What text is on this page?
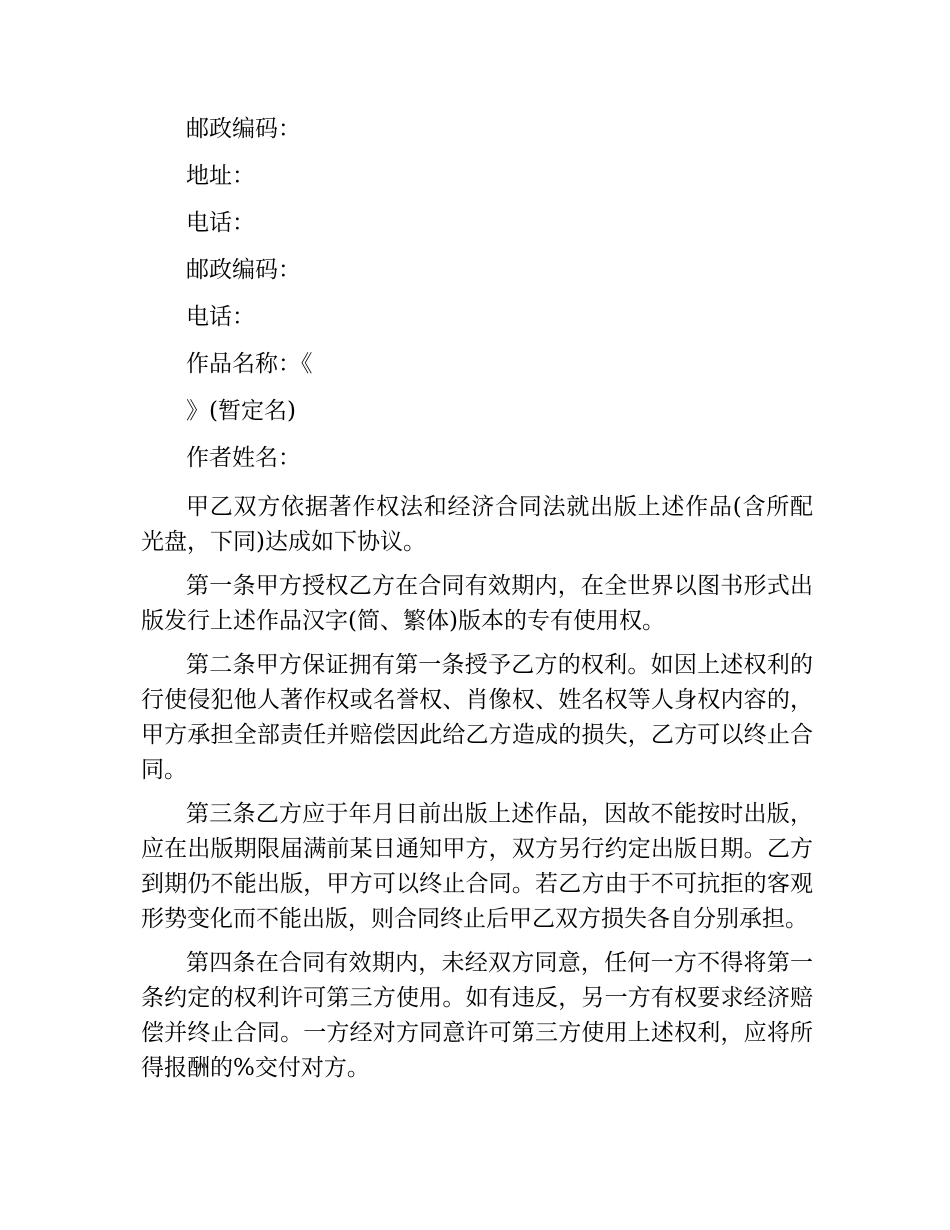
邮政编码：
地址：
电话：
邮政编码：
电话：
作品名称：《
》(暂定名)
作者姓名：

甲乙双方依据著作权法和经济合同法就出版上述作品(含所配光盘，下同)达成如下协议。

第一条甲方授权乙方在合同有效期内，在全世界以图书形式出版发行上述作品汉字(简、繁体)版本的专有使用权。

第二条甲方保证拥有第一条授予乙方的权利。如因上述权利的行使侵犯他人著作权或名誉权、肖像权、姓名权等人身权内容的，甲方承担全部责任并赔偿因此给乙方造成的损失，乙方可以终止合同。

第三条乙方应于年月日前出版上述作品，因故不能按时出版，应在出版期限届满前某日通知甲方，双方另行约定出版日期。乙方到期仍不能出版，甲方可以终止合同。若乙方由于不可抗拒的客观形势变化而不能出版，则合同终止后甲乙双方损失各自分别承担。

第四条在合同有效期内，未经双方同意，任何一方不得将第一条约定的权利许可第三方使用。如有违反，另一方有权要求经济赔偿并终止合同。一方经对方同意许可第三方使用上述权利，应将所得报酬的%交付对方。
